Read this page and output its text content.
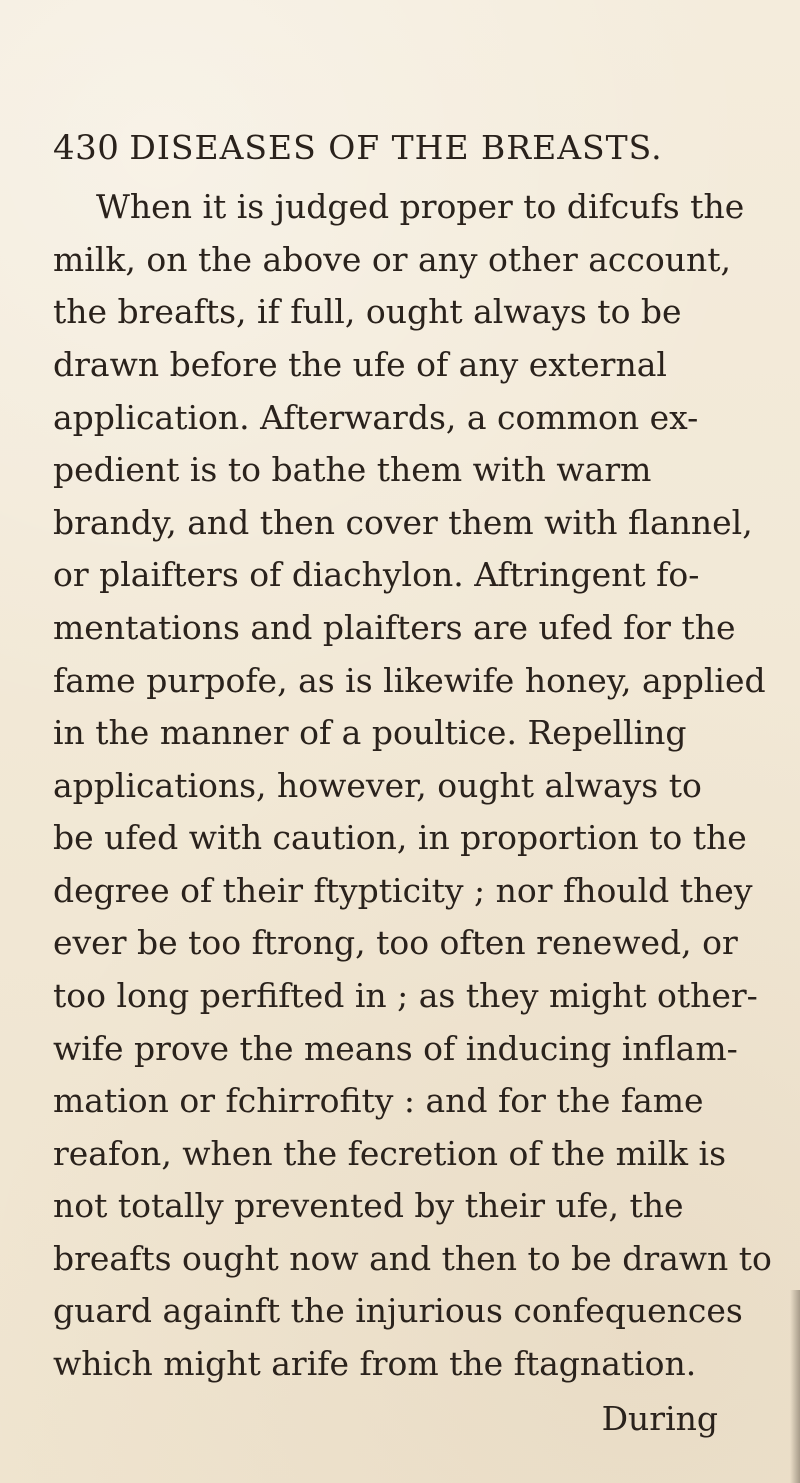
430 DISEASES OF THE BREASTS.
When it is judged proper to difcufs the
milk, on the above or any other account,
the breafts, if full, ought always to be
drawn before the ufe of any external
application. Afterwards, a common ex-
pedient is to bathe them with warm
brandy, and then cover them with flannel,
or plaifters of diachylon. Aftringent fo-
mentations and plaifters are ufed for the
fame purpofe, as is likewife honey, applied
in the manner of a poultice. Repelling
applications, however, ought always to
be ufed with caution, in proportion to the
degree of their ftypticity ; nor fhould they
ever be too ftrong, too often renewed, or
too long perfifted in ; as they might other-
wife prove the means of inducing inflam-
mation or fchirrofity : and for the fame
reafon, when the fecretion of the milk is
not totally prevented by their ufe, the
breafts ought now and then to be drawn to
guard againft the injurious confequences
which might arife from the ftagnation.
During
